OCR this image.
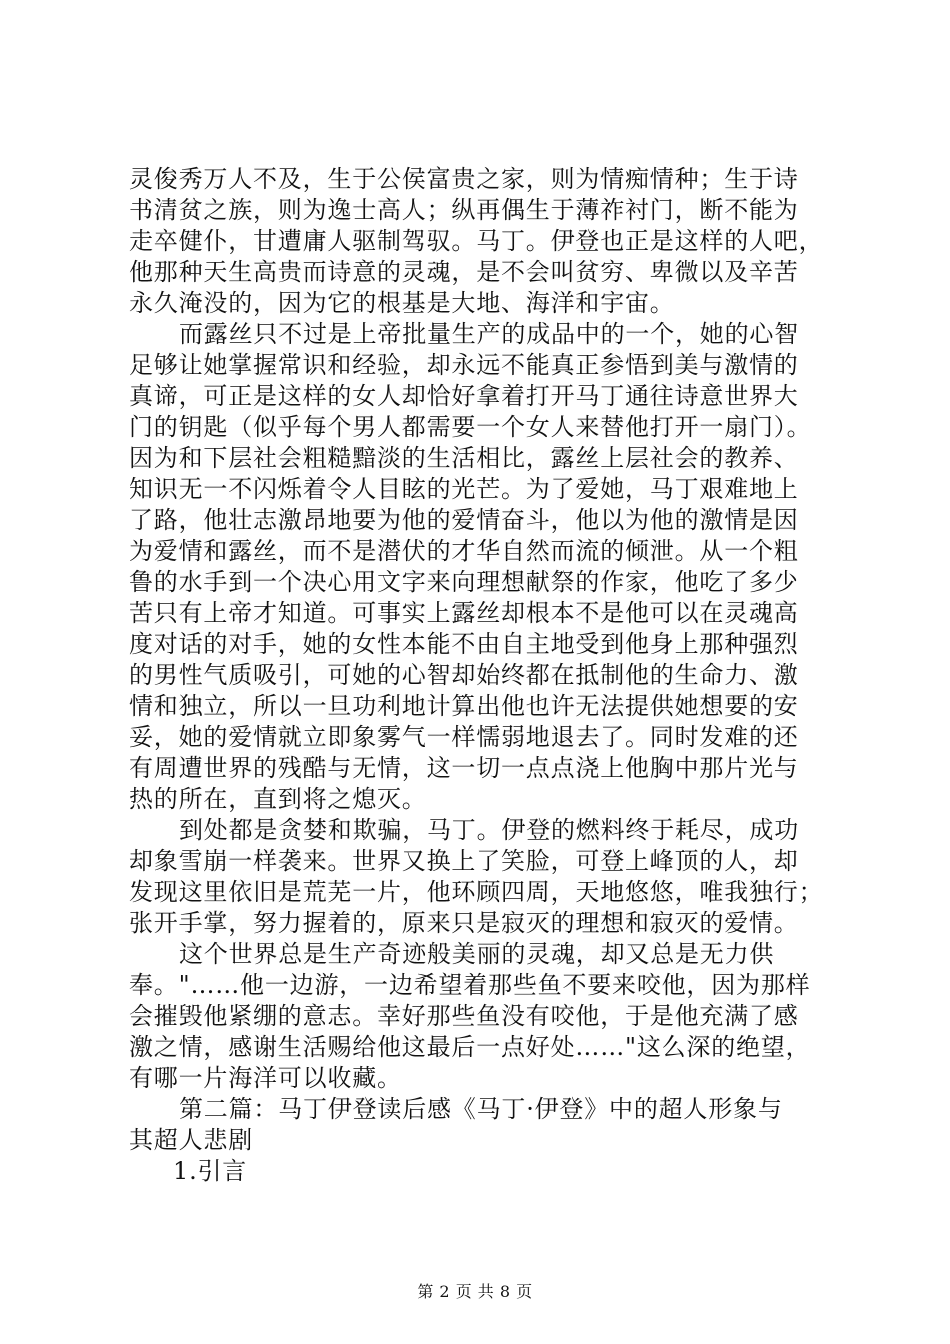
灵俊秀万人不及，生于公侯富贵之家，则为情痴情种；生于诗
书清贫之族，则为逸士高人；纵再偶生于薄祚衬门，断不能为
走卒健仆，甘遭庸人驱制驾驭。马丁。伊登也正是这样的人吧，
他那种天生高贵而诗意的灵魂，是不会叫贫穷、卑微以及辛苦
永久淹没的，因为它的根基是大地、海洋和宇宙。
而露丝只不过是上帝批量生产的成品中的一个，她的心智
足够让她掌握常识和经验，却永远不能真正参悟到美与激情的
真谛，可正是这样的女人却恰好拿着打开马丁通往诗意世界大
门的钥匙（似乎每个男人都需要一个女人来替他打开一扇门）。
因为和下层社会粗糙黯淡的生活相比，露丝上层社会的教养、
知识无一不闪烁着令人目眩的光芒。为了爱她，马丁艰难地上
了路，他壮志激昂地要为他的爱情奋斗，他以为他的激情是因
为爱情和露丝，而不是潜伏的才华自然而流的倾泄。从一个粗
鲁的水手到一个决心用文字来向理想献祭的作家，他吃了多少
苦只有上帝才知道。可事实上露丝却根本不是他可以在灵魂高
度对话的对手，她的女性本能不由自主地受到他身上那种强烈
的男性气质吸引，可她的心智却始终都在抵制他的生命力、激
情和独立，所以一旦功利地计算出他也许无法提供她想要的安
妥，她的爱情就立即象雾气一样懦弱地退去了。同时发难的还
有周遭世界的残酷与无情，这一切一点点浇上他胸中那片光与
热的所在，直到将之熄灭。
到处都是贪婪和欺骗，马丁。伊登的燃料终于耗尽，成功
却象雪崩一样袭来。世界又换上了笑脸，可登上峰顶的人，却
发现这里依旧是荒芜一片，他环顾四周，天地悠悠，唯我独行；
张开手掌，努力握着的，原来只是寂灭的理想和寂灭的爱情。
这个世界总是生产奇迹般美丽的灵魂，却又总是无力供
奉。"……他一边游，一边希望着那些鱼不要来咬他，因为那样
会摧毁他紧绷的意志。幸好那些鱼没有咬他，于是他充满了感
激之情，感谢生活赐给他这最后一点好处……"这么深的绝望，
有哪一片海洋可以收藏。
第二篇：马丁伊登读后感《马丁·伊登》中的超人形象与
其超人悲剧
1.引言
第 2 页 共 8 页
